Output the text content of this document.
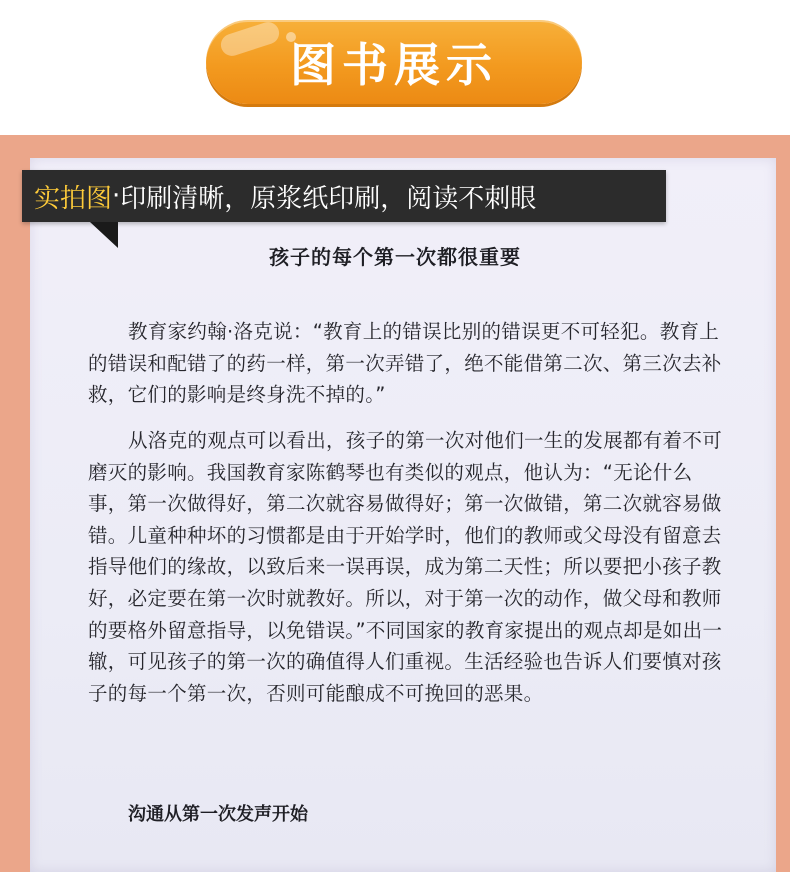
图书展示
实拍图 · 印刷清晰，原浆纸印刷，阅读不刺眼
孩子的每个第一次都很重要
教育家约翰·洛克说：“教育上的错误比别的错误更不可轻犯。教育上的错误和配错了的药一样，第一次弄错了，绝不能借第二次、第三次去补救，它们的影响是终身洗不掉的。”
从洛克的观点可以看出，孩子的第一次对他们一生的发展都有着不可磨灭的影响。我国教育家陈鹤琴也有类似的观点，他认为：“无论什么事，第一次做得好，第二次就容易做得好；第一次做错，第二次就容易做错。儿童种种坏的习惯都是由于开始学时，他们的教师或父母没有留意去指导他们的缘故，以致后来一误再误，成为第二天性；所以要把小孩子教好，必定要在第一次时就教好。所以，对于第一次的动作，做父母和教师的要格外留意指导，以免错误。”不同国家的教育家提出的观点却是如出一辙，可见孩子的第一次的确值得人们重视。生活经验也告诉人们要慎对孩子的每一个第一次，否则可能酿成不可挽回的恶果。
沟通从第一次发声开始
